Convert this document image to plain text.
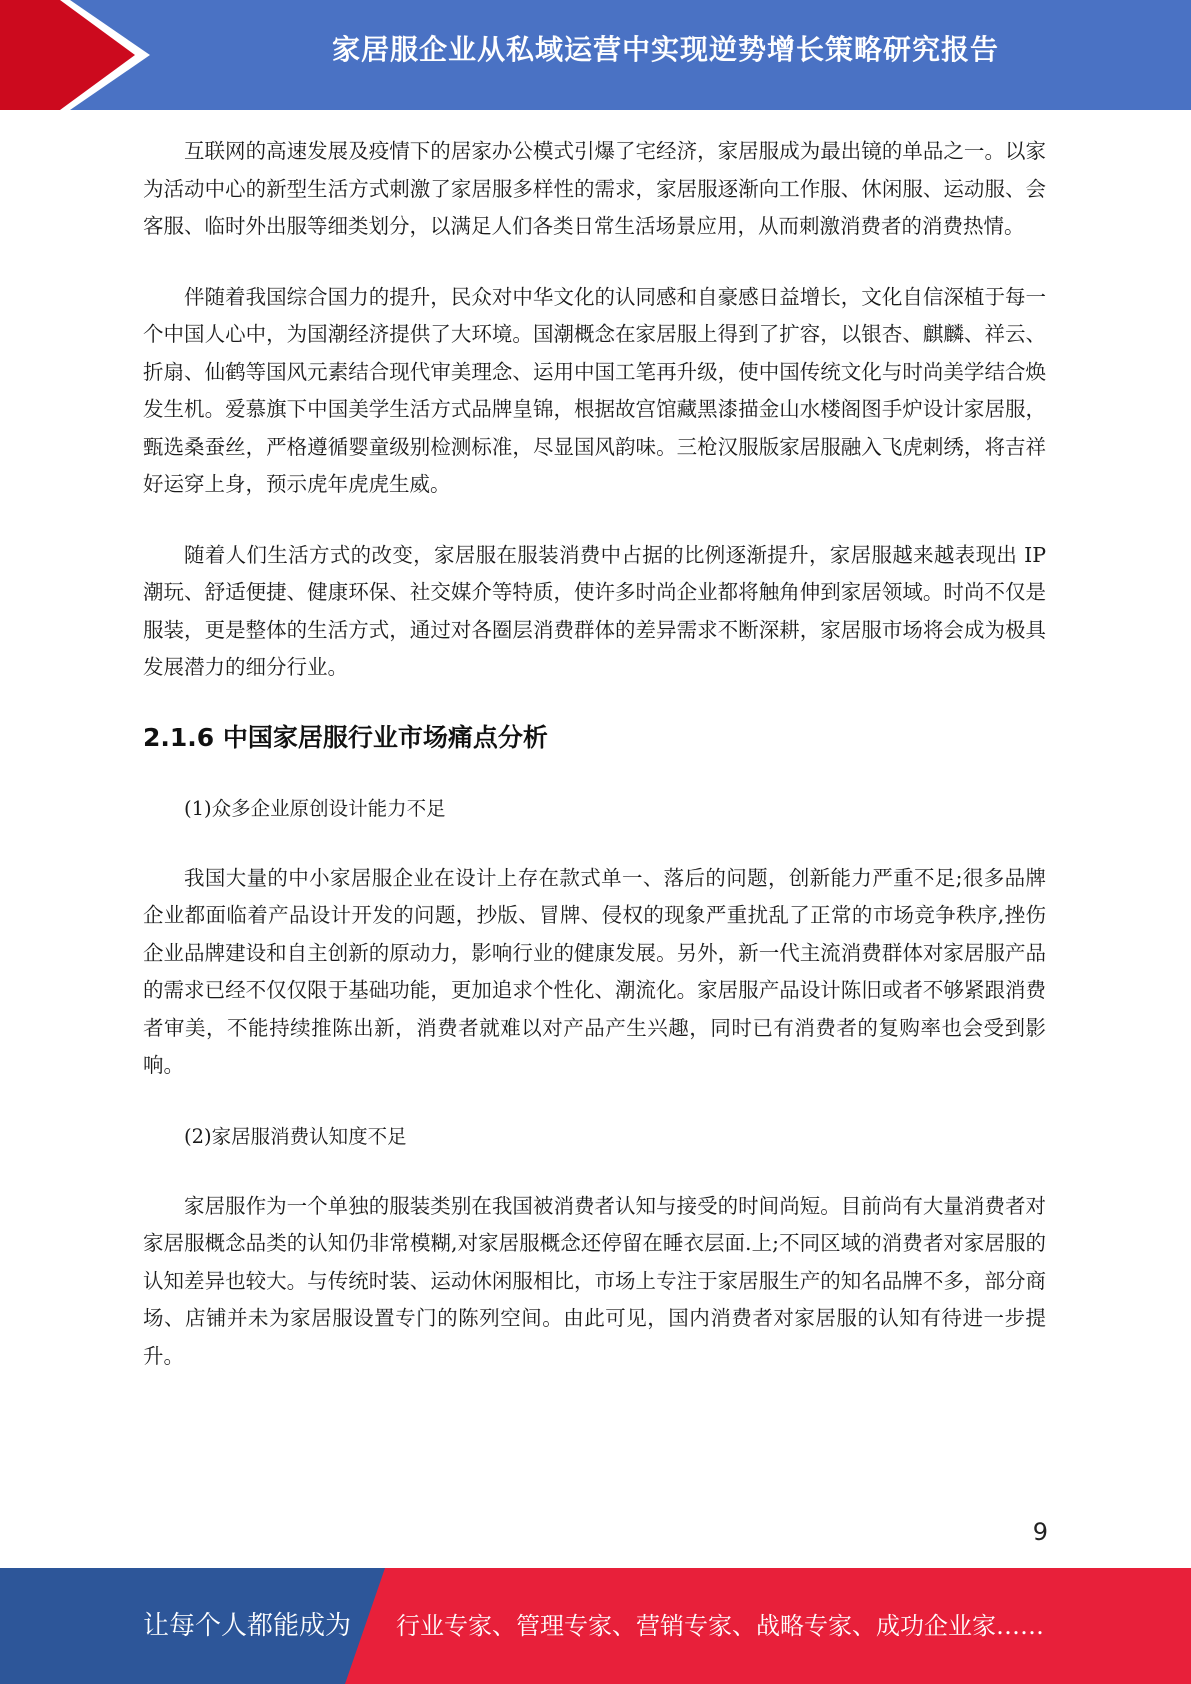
家居服企业从私域运营中实现逆势增长策略研究报告

互联网的高速发展及疫情下的居家办公模式引爆了宅经济，家居服成为最出镜的单品之一。以家为活动中心的新型生活方式刺激了家居服多样性的需求，家居服逐渐向工作服、休闲服、运动服、会客服、临时外出服等细类划分，以满足人们各类日常生活场景应用，从而刺激消费者的消费热情。

伴随着我国综合国力的提升，民众对中华文化的认同感和自豪感日益增长，文化自信深植于每一个中国人心中，为国潮经济提供了大环境。国潮概念在家居服上得到了扩容，以银杏、麒麟、祥云、折扇、仙鹤等国风元素结合现代审美理念、运用中国工笔再升级，使中国传统文化与时尚美学结合焕发生机。爱慕旗下中国美学生活方式品牌皇锦，根据故宫馆藏黑漆描金山水楼阁图手炉设计家居服，甄选桑蚕丝，严格遵循婴童级别检测标准，尽显国风韵味。三枪汉服版家居服融入飞虎刺绣，将吉祥好运穿上身，预示虎年虎虎生威。

随着人们生活方式的改变，家居服在服装消费中占据的比例逐渐提升，家居服越来越表现出 IP 潮玩、舒适便捷、健康环保、社交媒介等特质，使许多时尚企业都将触角伸到家居领域。时尚不仅是服装，更是整体的生活方式，通过对各圈层消费群体的差异需求不断深耕，家居服市场将会成为极具发展潜力的细分行业。

2.1.6 中国家居服行业市场痛点分析

(1)众多企业原创设计能力不足

我国大量的中小家居服企业在设计上存在款式单一、落后的问题，创新能力严重不足;很多品牌企业都面临着产品设计开发的问题，抄版、冒牌、侵权的现象严重扰乱了正常的市场竞争秩序,挫伤企业品牌建设和自主创新的原动力，影响行业的健康发展。另外，新一代主流消费群体对家居服产品的需求已经不仅仅限于基础功能，更加追求个性化、潮流化。家居服产品设计陈旧或者不够紧跟消费者审美，不能持续推陈出新，消费者就难以对产品产生兴趣，同时已有消费者的复购率也会受到影响。

(2)家居服消费认知度不足

家居服作为一个单独的服装类别在我国被消费者认知与接受的时间尚短。目前尚有大量消费者对家居服概念品类的认知仍非常模糊,对家居服概念还停留在睡衣层面.上;不同区域的消费者对家居服的认知差异也较大。与传统时装、运动休闲服相比，市场上专注于家居服生产的知名品牌不多，部分商场、店铺并未为家居服设置专门的陈列空间。由此可见，国内消费者对家居服的认知有待进一步提升。

9
让每个人都能成为 行业专家、管理专家、营销专家、战略专家、成功企业家……
